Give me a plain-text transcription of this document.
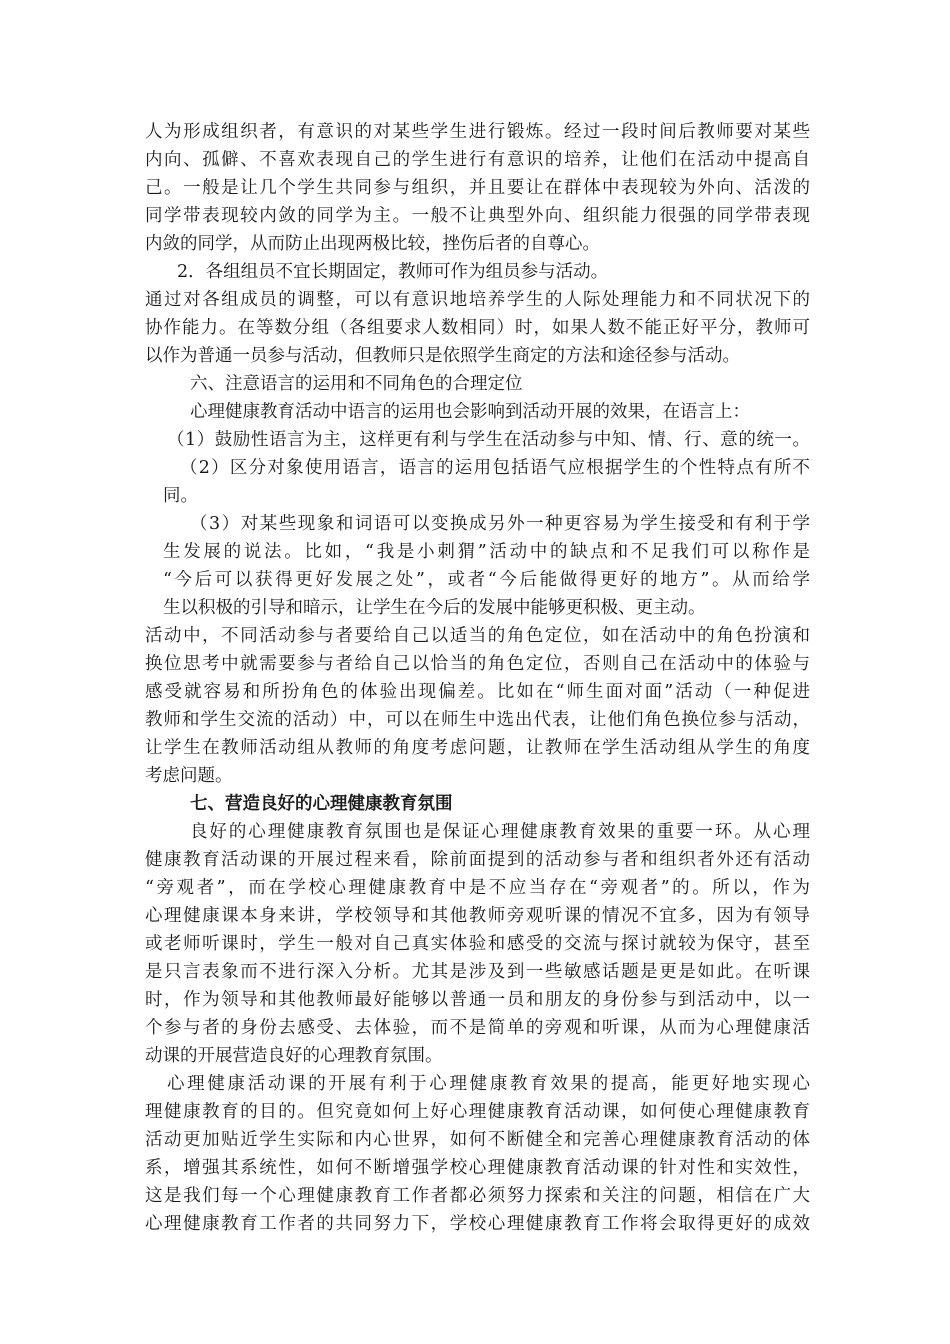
人为形成组织者，有意识的对某些学生进行锻炼。经过一段时间后教师要对某些
内向、孤僻、不喜欢表现自己的学生进行有意识的培养，让他们在活动中提高自
己。一般是让几个学生共同参与组织，并且要让在群体中表现较为外向、活泼的
同学带表现较内敛的同学为主。一般不让典型外向、组织能力很强的同学带表现
内敛的同学，从而防止出现两极比较，挫伤后者的自尊心。
2．各组组员不宜长期固定，教师可作为组员参与活动。
通过对各组成员的调整，可以有意识地培养学生的人际处理能力和不同状况下的
协作能力。在等数分组（各组要求人数相同）时，如果人数不能正好平分，教师可
以作为普通一员参与活动，但教师只是依照学生商定的方法和途径参与活动。
六、注意语言的运用和不同角色的合理定位
心理健康教育活动中语言的运用也会影响到活动开展的效果，在语言上：
（1）鼓励性语言为主，这样更有利与学生在活动参与中知、情、行、意的统一。
（2）区分对象使用语言，语言的运用包括语气应根据学生的个性特点有所不
同。
（3）对某些现象和词语可以变换成另外一种更容易为学生接受和有利于学
生发展的说法。比如，“我是小刺猬”活动中的缺点和不足我们可以称作是
“今后可以获得更好发展之处”，或者“今后能做得更好的地方”。从而给学
生以积极的引导和暗示，让学生在今后的发展中能够更积极、更主动。
活动中，不同活动参与者要给自己以适当的角色定位，如在活动中的角色扮演和
换位思考中就需要参与者给自己以恰当的角色定位，否则自己在活动中的体验与
感受就容易和所扮角色的体验出现偏差。比如在“师生面对面”活动（一种促进
教师和学生交流的活动）中，可以在师生中选出代表，让他们角色换位参与活动，
让学生在教师活动组从教师的角度考虑问题，让教师在学生活动组从学生的角度
考虑问题。
七、营造良好的心理健康教育氛围
良好的心理健康教育氛围也是保证心理健康教育效果的重要一环。从心理
健康教育活动课的开展过程来看，除前面提到的活动参与者和组织者外还有活动
“旁观者”，而在学校心理健康教育中是不应当存在“旁观者”的。所以，作为
心理健康课本身来讲，学校领导和其他教师旁观听课的情况不宜多，因为有领导
或老师听课时，学生一般对自己真实体验和感受的交流与探讨就较为保守，甚至
是只言表象而不进行深入分析。尤其是涉及到一些敏感话题是更是如此。在听课
时，作为领导和其他教师最好能够以普通一员和朋友的身份参与到活动中，以一
个参与者的身份去感受、去体验，而不是简单的旁观和听课，从而为心理健康活
动课的开展营造良好的心理教育氛围。
心理健康活动课的开展有利于心理健康教育效果的提高，能更好地实现心
理健康教育的目的。但究竟如何上好心理健康教育活动课，如何使心理健康教育
活动更加贴近学生实际和内心世界，如何不断健全和完善心理健康教育活动的体
系，增强其系统性，如何不断增强学校心理健康教育活动课的针对性和实效性，
这是我们每一个心理健康教育工作者都必须努力探索和关注的问题，相信在广大
心理健康教育工作者的共同努力下，学校心理健康教育工作将会取得更好的成效
